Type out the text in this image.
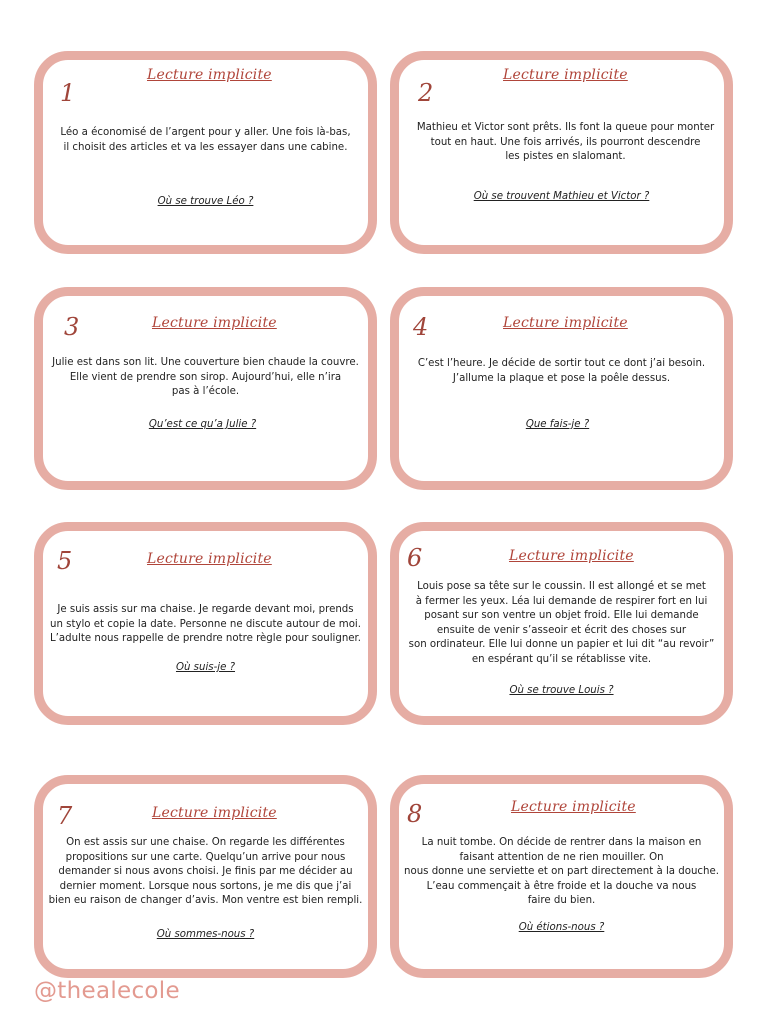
1
Lecture implicite
Léo a économisé de l’argent pour y aller. Une fois là-bas,
il choisit des articles et va les essayer dans une cabine.
Où se trouve Léo ?
2
Lecture implicite
Mathieu et Victor sont prêts. Ils font la queue pour monter
tout en haut. Une fois arrivés, ils pourront descendre
les pistes en slalomant.
Où se trouvent Mathieu et Victor ?
3	Lecture implicite
Julie est dans son lit. Une couverture bien chaude la couvre.
Elle vient de prendre son sirop. Aujourd’hui, elle n’ira
pas à l’école.
Qu’est ce qu’a Julie ?
4	Lecture implicite
C’est l’heure. Je décide de sortir tout ce dont j’ai besoin.
J’allume la plaque et pose la poêle dessus.
Que fais-je ?
5	Lecture implicite
Je suis assis sur ma chaise. Je regarde devant moi, prends
un stylo et copie la date. Personne ne discute autour de moi.
L’adulte nous rappelle de prendre notre règle pour souligner.
Où suis-je ?
6	Lecture implicite
Louis pose sa tête sur le coussin. Il est allongé et se met
à fermer les yeux. Léa lui demande de respirer fort en lui
posant sur son ventre un objet froid. Elle lui demande
ensuite de venir s’asseoir et écrit des choses sur
son ordinateur. Elle lui donne un papier et lui dit “au revoir”
en espérant qu’il se rétablisse vite.
Où se trouve Louis ?
7	Lecture implicite
On est assis sur une chaise. On regarde les différentes
propositions sur une carte. Quelqu’un arrive pour nous
demander si nous avons choisi. Je finis par me décider au
dernier moment. Lorsque nous sortons, je me dis que j’ai
bien eu raison de changer d’avis. Mon ventre est bien rempli.
Où sommes-nous ?
8	Lecture implicite
La nuit tombe. On décide de rentrer dans la maison en
faisant attention de ne rien mouiller. On
nous donne une serviette et on part directement à la douche.
L’eau commençait à être froide et la douche va nous
faire du bien.
Où étions-nous ?
@thealecole
